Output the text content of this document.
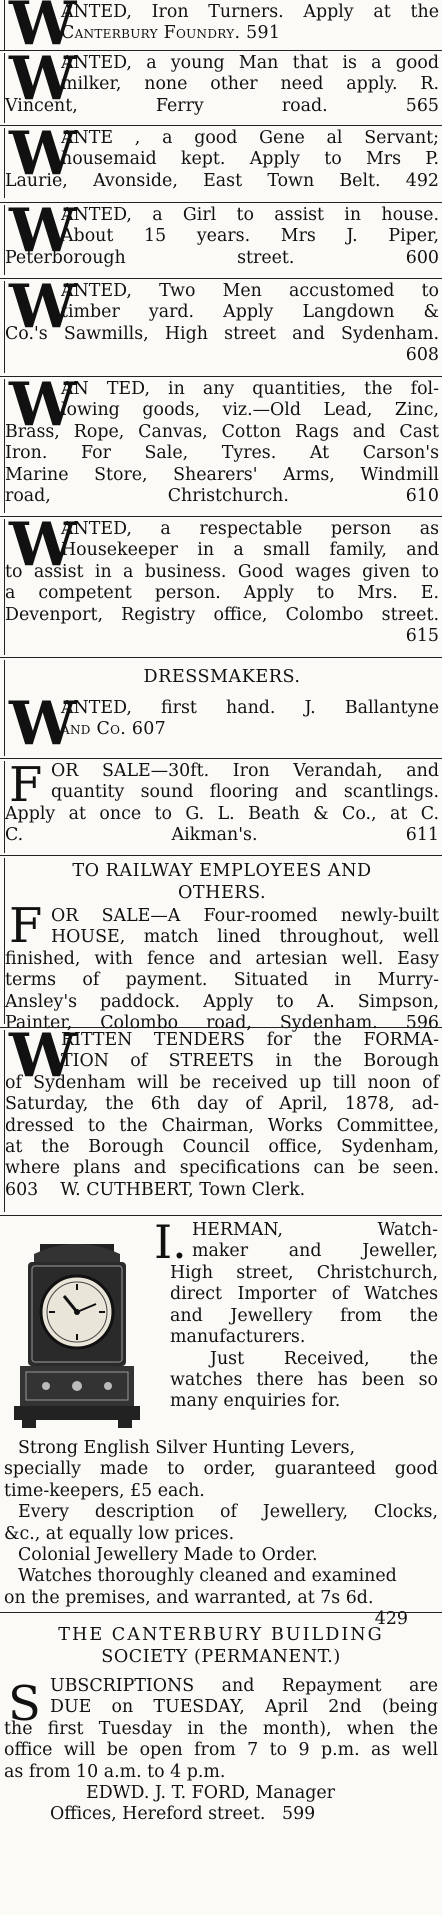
W
ANTED, Iron Turners. Apply at the
Canterbury Foundry. 591
W
ANTED, a young Man that is a good
milker, none other need apply. R.
Vincent, Ferry road. 565
W
ANTE , a good Gene al Servant;
housemaid kept. Apply to Mrs P.
Laurie, Avonside, East Town Belt. 492
W
ANTED, a Girl to assist in house.
About 15 years. Mrs J. Piper,
Peterborough street. 600
W
ANTED, Two Men accustomed to
timber yard. Apply Langdown &
Co.'s Sawmills, High street and Sydenham.
608
W
AN TED, in any quantities, the fol-
lowing goods, viz.—Old Lead, Zinc,
Brass, Rope, Canvas, Cotton Rags and Cast
Iron. For Sale, Tyres. At Carson's
Marine Store, Shearers' Arms, Windmill
road, Christchurch. 610
W
ANTED, a respectable person as
Housekeeper in a small family, and
to assist in a business. Good wages given to
a competent person. Apply to Mrs. E.
Devenport, Registry office, Colombo street.
615
DRESSMAKERS.
W
ANTED, first hand. J. Ballantyne
and Co. 607
F OR SALE—30ft. Iron Verandah, and
quantity sound flooring and scantlings.
Apply at once to G. L. Beath & Co., at C.
C. Aikman's. 611
TO RAILWAY EMPLOYEES AND
OTHERS.
F OR SALE—A Four-roomed newly-built
HOUSE, match lined throughout, well
finished, with fence and artesian well. Easy
terms of payment. Situated in Murry-
Ansley's paddock. Apply to A. Simpson,
Painter, Colombo road, Sydenham. 596
W
RITTEN TENDERS for the FORMA-
TION of STREETS in the Borough
of Sydenham will be received up till noon of
Saturday, the 6th day of April, 1878, ad-
dressed to the Chairman, Works Committee,
at the Borough Council office, Sydenham,
where plans and specifications can be seen.
603    W. CUTHBERT, Town Clerk.
I. HERMAN, Watch-
maker and Jeweller,
High street, Christchurch,
direct Importer of Watches
and Jewellery from the
manufacturers.
Just Received, the
watches there has been so
many enquiries for.
Strong English Silver Hunting Levers,
specially made to order, guaranteed good
time-keepers, £5 each.
Every description of Jewellery, Clocks,
&c., at equally low prices.
Colonial Jewellery Made to Order.
Watches thoroughly cleaned and examined
on the premises, and warranted, at 7s 6d.
429
THE CANTERBURY BUILDING
SOCIETY (PERMANENT.)
S UBSCRIPTIONS and Repayment are
DUE on TUESDAY, April 2nd (being
the first Tuesday in the month), when the
office will be open from 7 to 9 p.m. as well
as from 10 a.m. to 4 p.m.
EDWD. J. T. FORD, Manager
Offices, Hereford street.   599
